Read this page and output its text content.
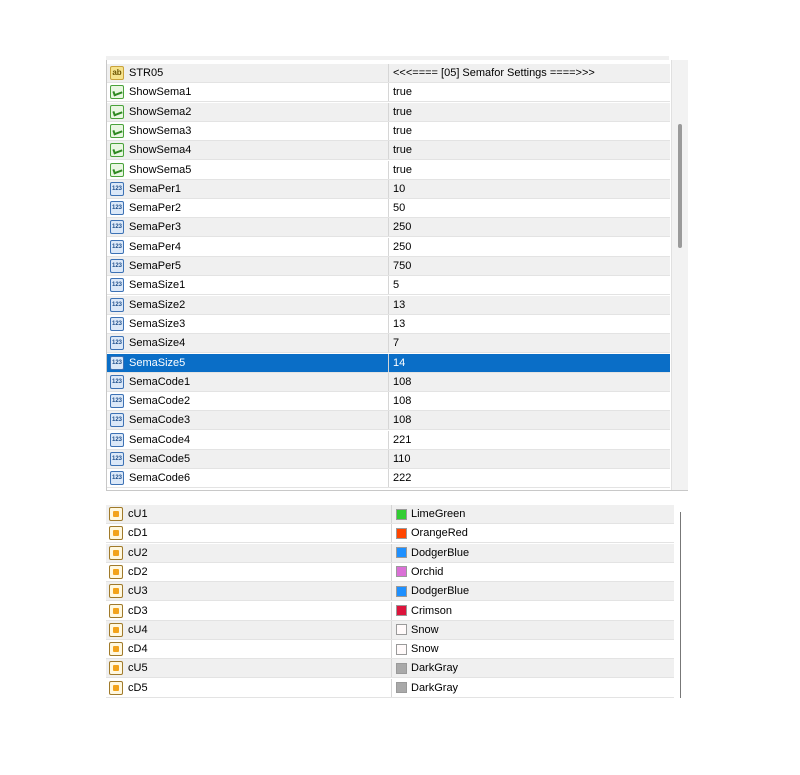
ab STR05	<<<==== [05] Semafor Settings ====>>>
ShowSema1	true
ShowSema2	true
ShowSema3	true
ShowSema4	true
ShowSema5	true
123 SemaPer1	10
123 SemaPer2	50
123 SemaPer3	250
123 SemaPer4	250
123 SemaPer5	750
123 SemaSize1	5
123 SemaSize2	13
123 SemaSize3	13
123 SemaSize4	7
123 SemaSize5	14
123 SemaCode1	108
123 SemaCode2	108
123 SemaCode3	108
123 SemaCode4	221
123 SemaCode5	110
123 SemaCode6	222
cU1	LimeGreen
cD1	OrangeRed
cU2	DodgerBlue
cD2	Orchid
cU3	DodgerBlue
cD3	Crimson
cU4	Snow
cD4	Snow
cU5	DarkGray
cD5	DarkGray
